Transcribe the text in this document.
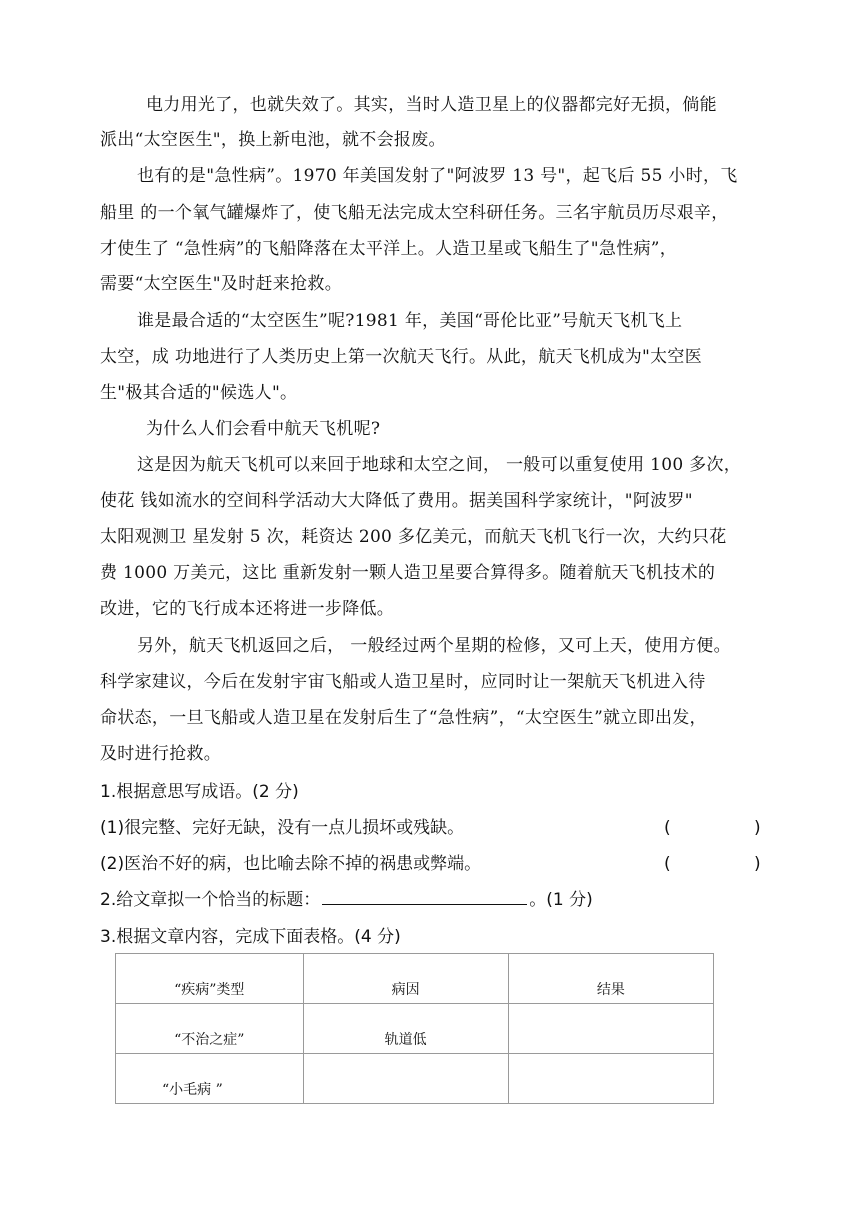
电力用光了，也就失效了。其实，当时人造卫星上的仪器都完好无损，倘能
派出“太空医生"，换上新电池，就不会报废。
也有的是"急性病”。1970 年美国发射了"阿波罗 13 号"，起飞后 55 小时，飞
船里 的一个氧气罐爆炸了，使飞船无法完成太空科研任务。三名宇航员历尽艰辛，
才使生了 “急性病”的飞船降落在太平洋上。人造卫星或飞船生了"急性病”，
需要“太空医生"及时赶来抢救。
谁是最合适的“太空医生”呢?1981 年，美国“哥伦比亚”号航天飞机飞上
太空，成 功地进行了人类历史上第一次航天飞行。从此，航天飞机成为"太空医
生"极其合适的"候选人"。
为什么人们会看中航天飞机呢?
这是因为航天飞机可以来回于地球和太空之间， 一般可以重复使用 100 多次，
使花 钱如流水的空间科学活动大大降低了费用。据美国科学家统计，"阿波罗"
太阳观测卫 星发射 5 次，耗资达 200 多亿美元，而航天飞机飞行一次，大约只花
费 1000 万美元，这比 重新发射一颗人造卫星要合算得多。随着航天飞机技术的
改进，它的飞行成本还将进一步降低。
另外，航天飞机返回之后， 一般经过两个星期的检修，又可上天，使用方便。
科学家建议，今后在发射宇宙飞船或人造卫星时，应同时让一架航天飞机进入待
命状态，一旦飞船或人造卫星在发射后生了“急性病”，“太空医生”就立即出发，
及时进行抢救。
1.根据意思写成语。(2 分)
(1)很完整、完好无缺，没有一点儿损坏或残缺。	(	)
(2)医治不好的病，也比喻去除不掉的祸患或弊端。	(	)
2.给文章拟一个恰当的标题：	。(1 分)
3.根据文章内容，完成下面表格。(4 分)
“疾病”类型	病因	结果
“不治之症”	轨道低	
“小毛病 ”		
